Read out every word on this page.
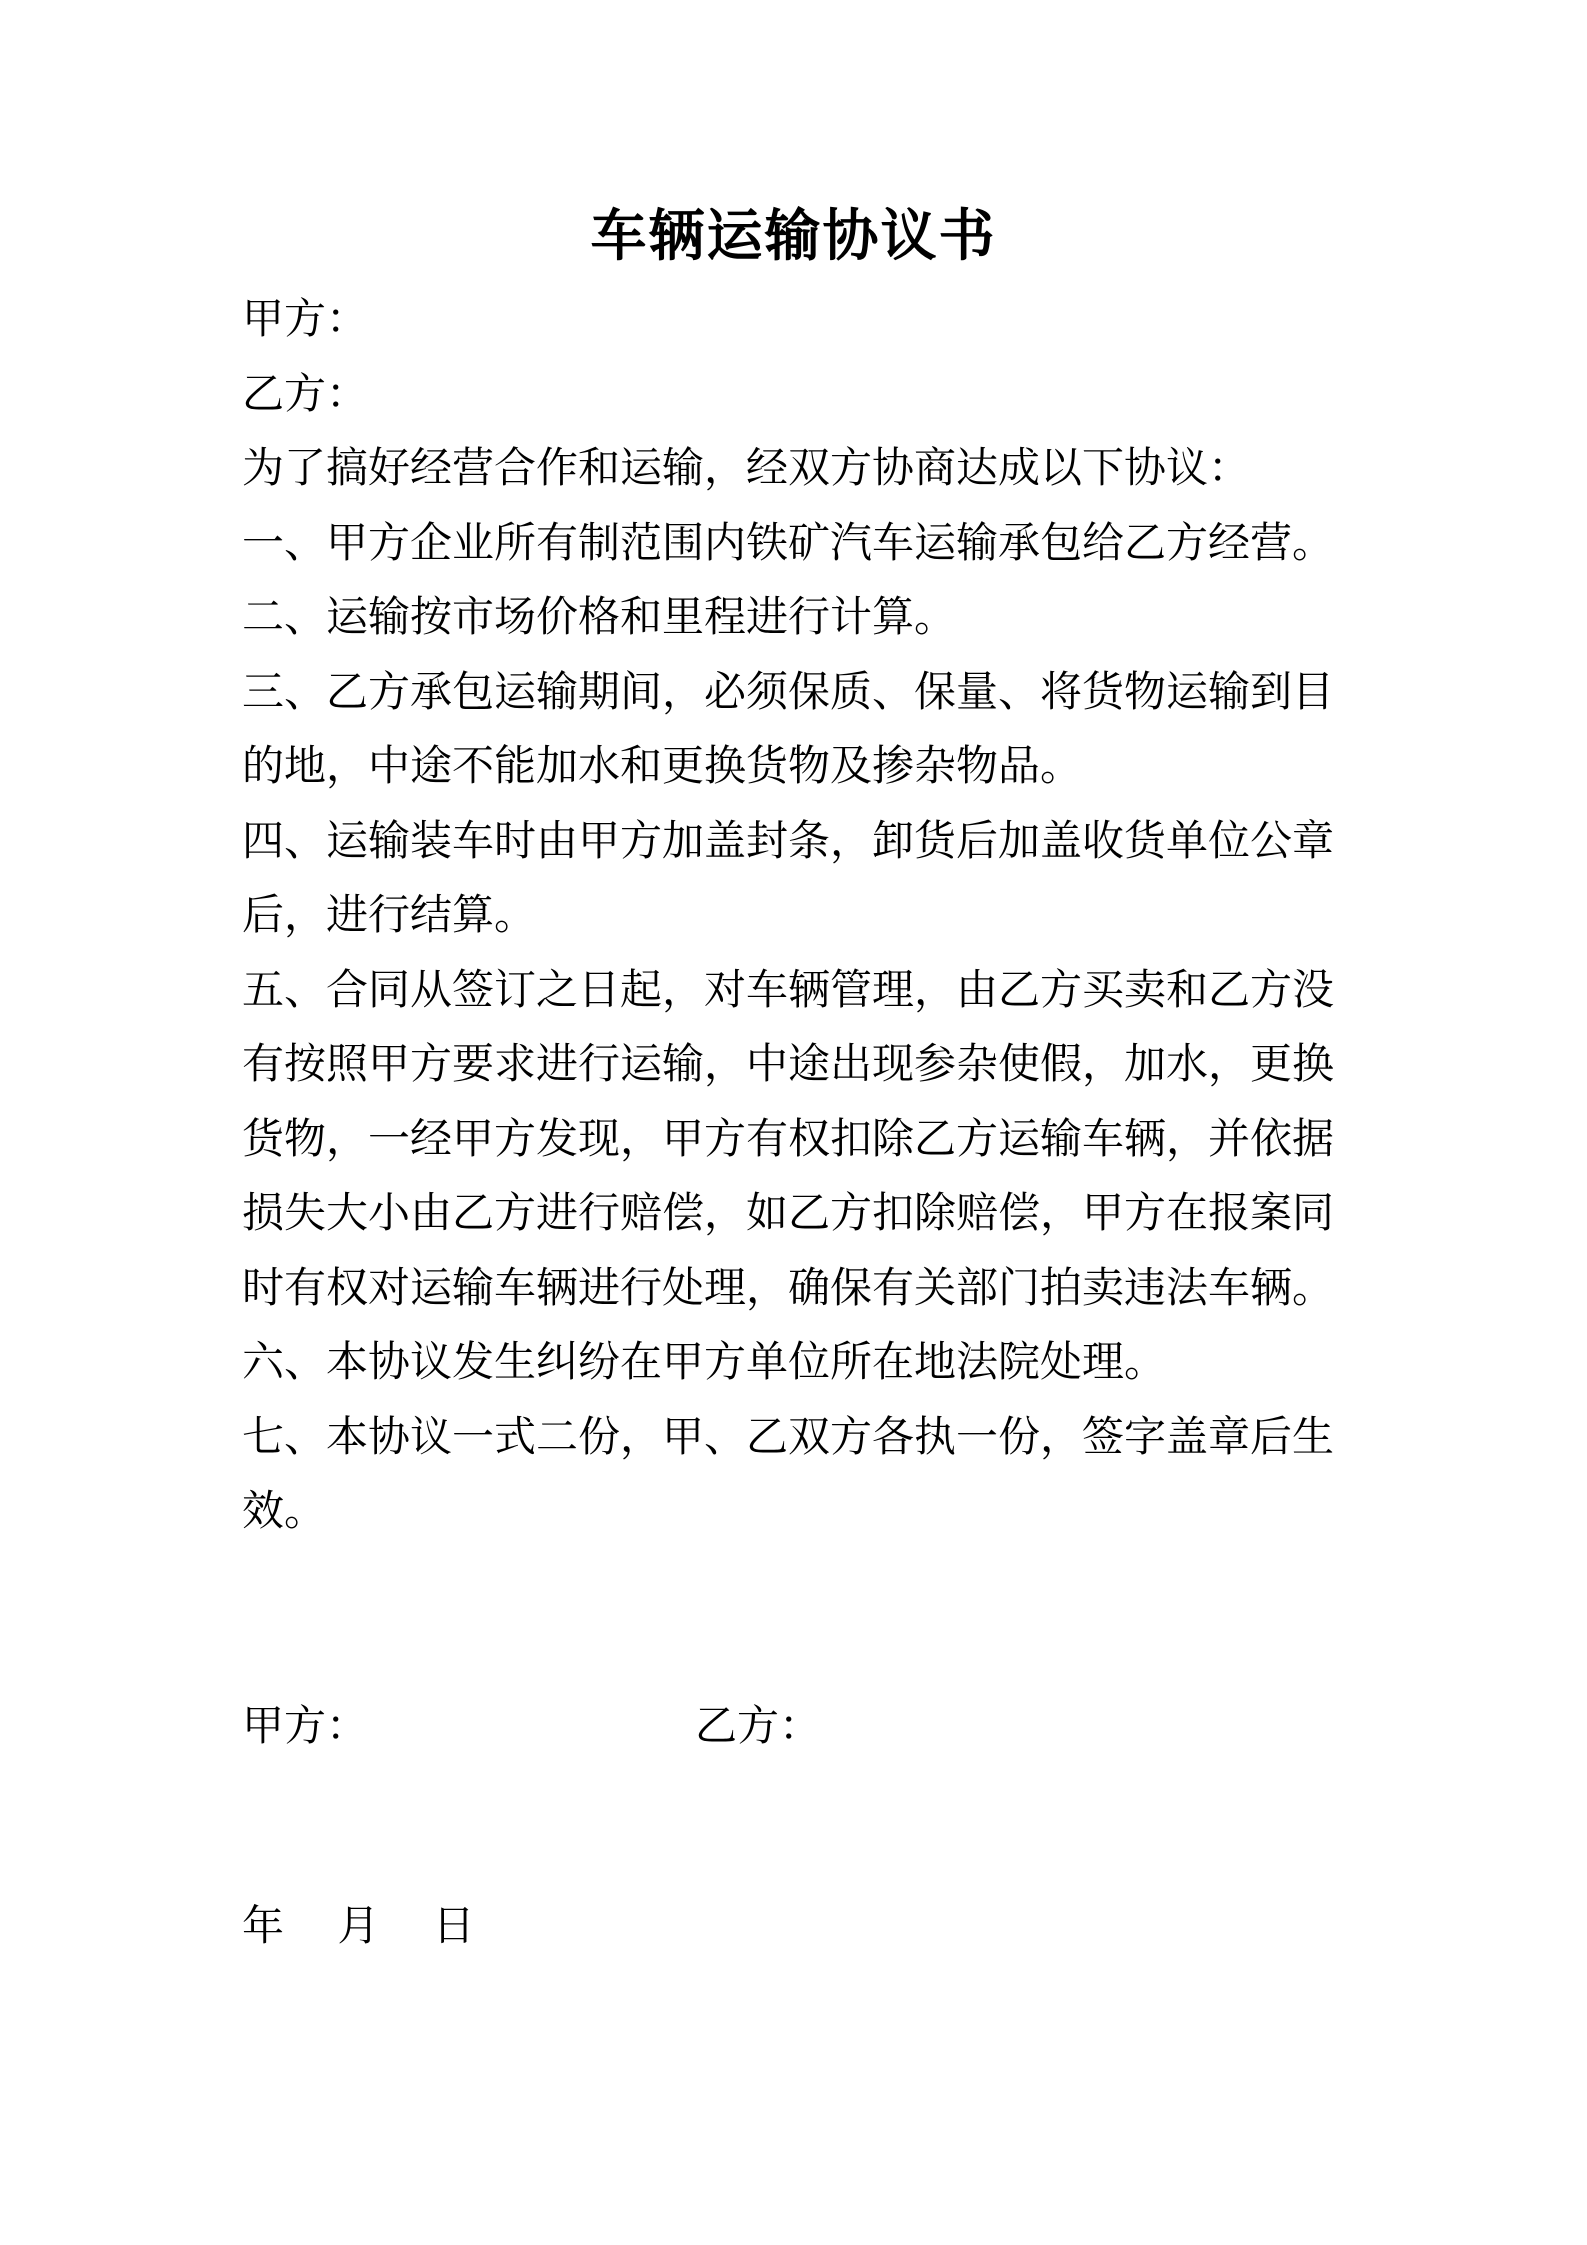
车辆运输协议书
甲方：
乙方：
为了搞好经营合作和运输，经双方协商达成以下协议：
一、甲方企业所有制范围内铁矿汽车运输承包给乙方经营。
二、运输按市场价格和里程进行计算。
三、乙方承包运输期间，必须保质、保量、将货物运输到目
的地，中途不能加水和更换货物及掺杂物品。
四、运输装车时由甲方加盖封条，卸货后加盖收货单位公章
后，进行结算。
五、合同从签订之日起，对车辆管理，由乙方买卖和乙方没
有按照甲方要求进行运输，中途出现参杂使假，加水，更换
货物，一经甲方发现，甲方有权扣除乙方运输车辆，并依据
损失大小由乙方进行赔偿，如乙方扣除赔偿，甲方在报案同
时有权对运输车辆进行处理，确保有关部门拍卖违法车辆。
六、本协议发生纠纷在甲方单位所在地法院处理。
七、本协议一式二份，甲、乙双方各执一份，签字盖章后生
效。
甲方：	乙方：
年    月    日
